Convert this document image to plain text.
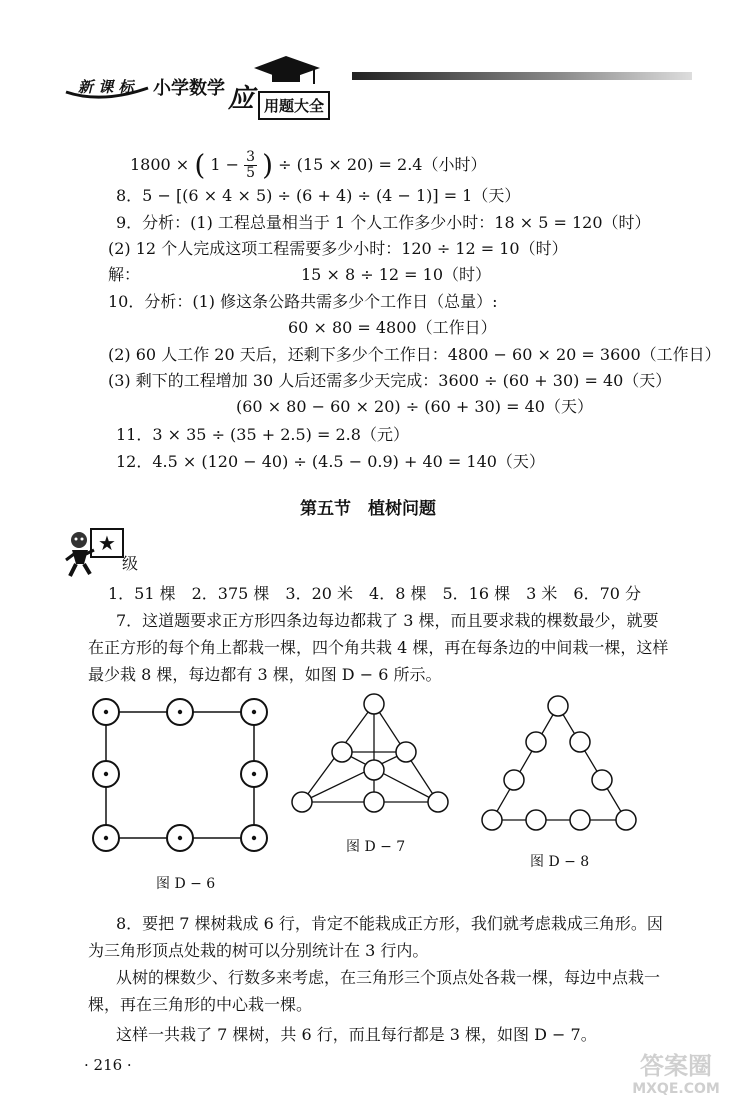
新 课 标 小学数学 应 用题大全
1800 × ( $1 - \frac{3}{5}$ ) ÷ (15 × 20) = 2.4（小时）
8．5 − [(6 × 4 × 5) ÷ (6 + 4) ÷ (4 − 1)] = 1（天）
9．分析：(1) 工程总量相当于 1 个人工作多少小时：18 × 5 = 120（时）
(2) 12 个人完成这项工程需要多少小时：120 ÷ 12 = 10（时）
解：	15 × 8 ÷ 12 = 10（时）
10．分析：(1) 修这条公路共需多少个工作日（总量）:
60 × 80 = 4800（工作日）
(2) 60 人工作 20 天后，还剩下多少个工作日：4800 − 60 × 20 = 3600（工作日）
(3) 剩下的工程增加 30 人后还需多少天完成：3600 ÷ (60 + 30) = 40（天）
(60 × 80 − 60 × 20) ÷ (60 + 30) = 40（天）
11．3 × 35 ÷ (35 + 2.5) = 2.8（元）
12．4.5 × (120 − 40) ÷ (4.5 − 0.9) + 40 = 140（天）
第五节　植树问题
★
级
1．51 棵　2．375 棵　3．20 米　4．8 棵　5．16 棵　3 米　6．70 分
7．这道题要求正方形四条边每边都栽了 3 棵，而且要求栽的棵数最少，就要
在正方形的每个角上都栽一棵，四个角共栽 4 棵，再在每条边的中间栽一棵，这样
最少栽 8 棵，每边都有 3 棵，如图 D − 6 所示。
图 D − 6
图 D − 7
图 D − 8
8．要把 7 棵树栽成 6 行，肯定不能栽成正方形，我们就考虑栽成三角形。因
为三角形顶点处栽的树可以分别统计在 3 行内。
从树的棵数少、行数多来考虑，在三角形三个顶点处各栽一棵，每边中点栽一
棵，再在三角形的中心栽一棵。
这样一共栽了 7 棵树，共 6 行，而且每行都是 3 棵，如图 D − 7。
· 216 ·	答案圈
MXQE.COM
